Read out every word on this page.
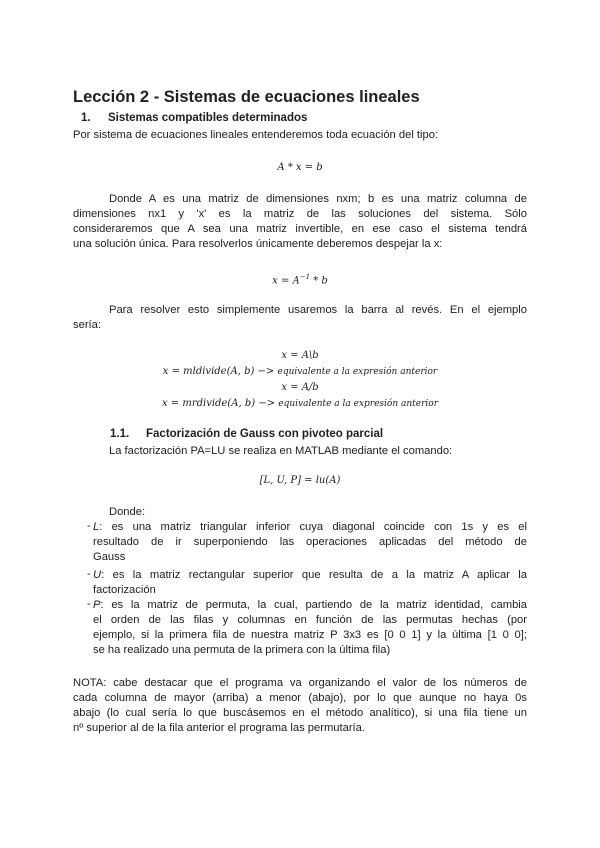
Lección 2 - Sistemas de ecuaciones lineales
1. Sistemas compatibles determinados
Por sistema de ecuaciones lineales entenderemos toda ecuación del tipo:
A * x = b
Donde A es una matriz de dimensiones nxm; b es una matriz columna de
dimensiones nx1 y 'x' es la matriz de las soluciones del sistema. Sólo
consideraremos que A sea una matriz invertible, en ese caso el sistema tendrá
una solución única. Para resolverlos únicamente deberemos despejar la x:
$x = A^{-1} * b$
Para resolver esto simplemente usaremos la barra al revés. En el ejemplo
sería:
x = A\b
x = mldivide(A, b) −> equivalente a la expresión anterior
x = A/b
x = mrdivide(A, b) −> equivalente a la expresión anterior
1.1. Factorización de Gauss con pivoteo parcial
La factorización PA=LU se realiza en MATLAB mediante el comando:
[L, U, P] = lu(A)
Donde:
- L: es una matriz triangular inferior cuya diagonal coincide con 1s y es el
resultado de ir superponiendo las operaciones aplicadas del método de
Gauss
- U: es la matriz rectangular superior que resulta de a la matriz A aplicar la
factorización
- P: es la matriz de permuta, la cual, partiendo de la matriz identidad, cambia
el orden de las filas y columnas en función de las permutas hechas (por
ejemplo, si la primera fila de nuestra matriz P 3x3 es [0 0 1] y la última [1 0 0];
se ha realizado una permuta de la primera con la última fila)
NOTA: cabe destacar que el programa va organizando el valor de los números de
cada columna de mayor (arriba) a menor (abajo), por lo que aunque no haya 0s
abajo (lo cual sería lo que buscásemos en el método analítico), si una fila tiene un
nº superior al de la fila anterior el programa las permutaría.
